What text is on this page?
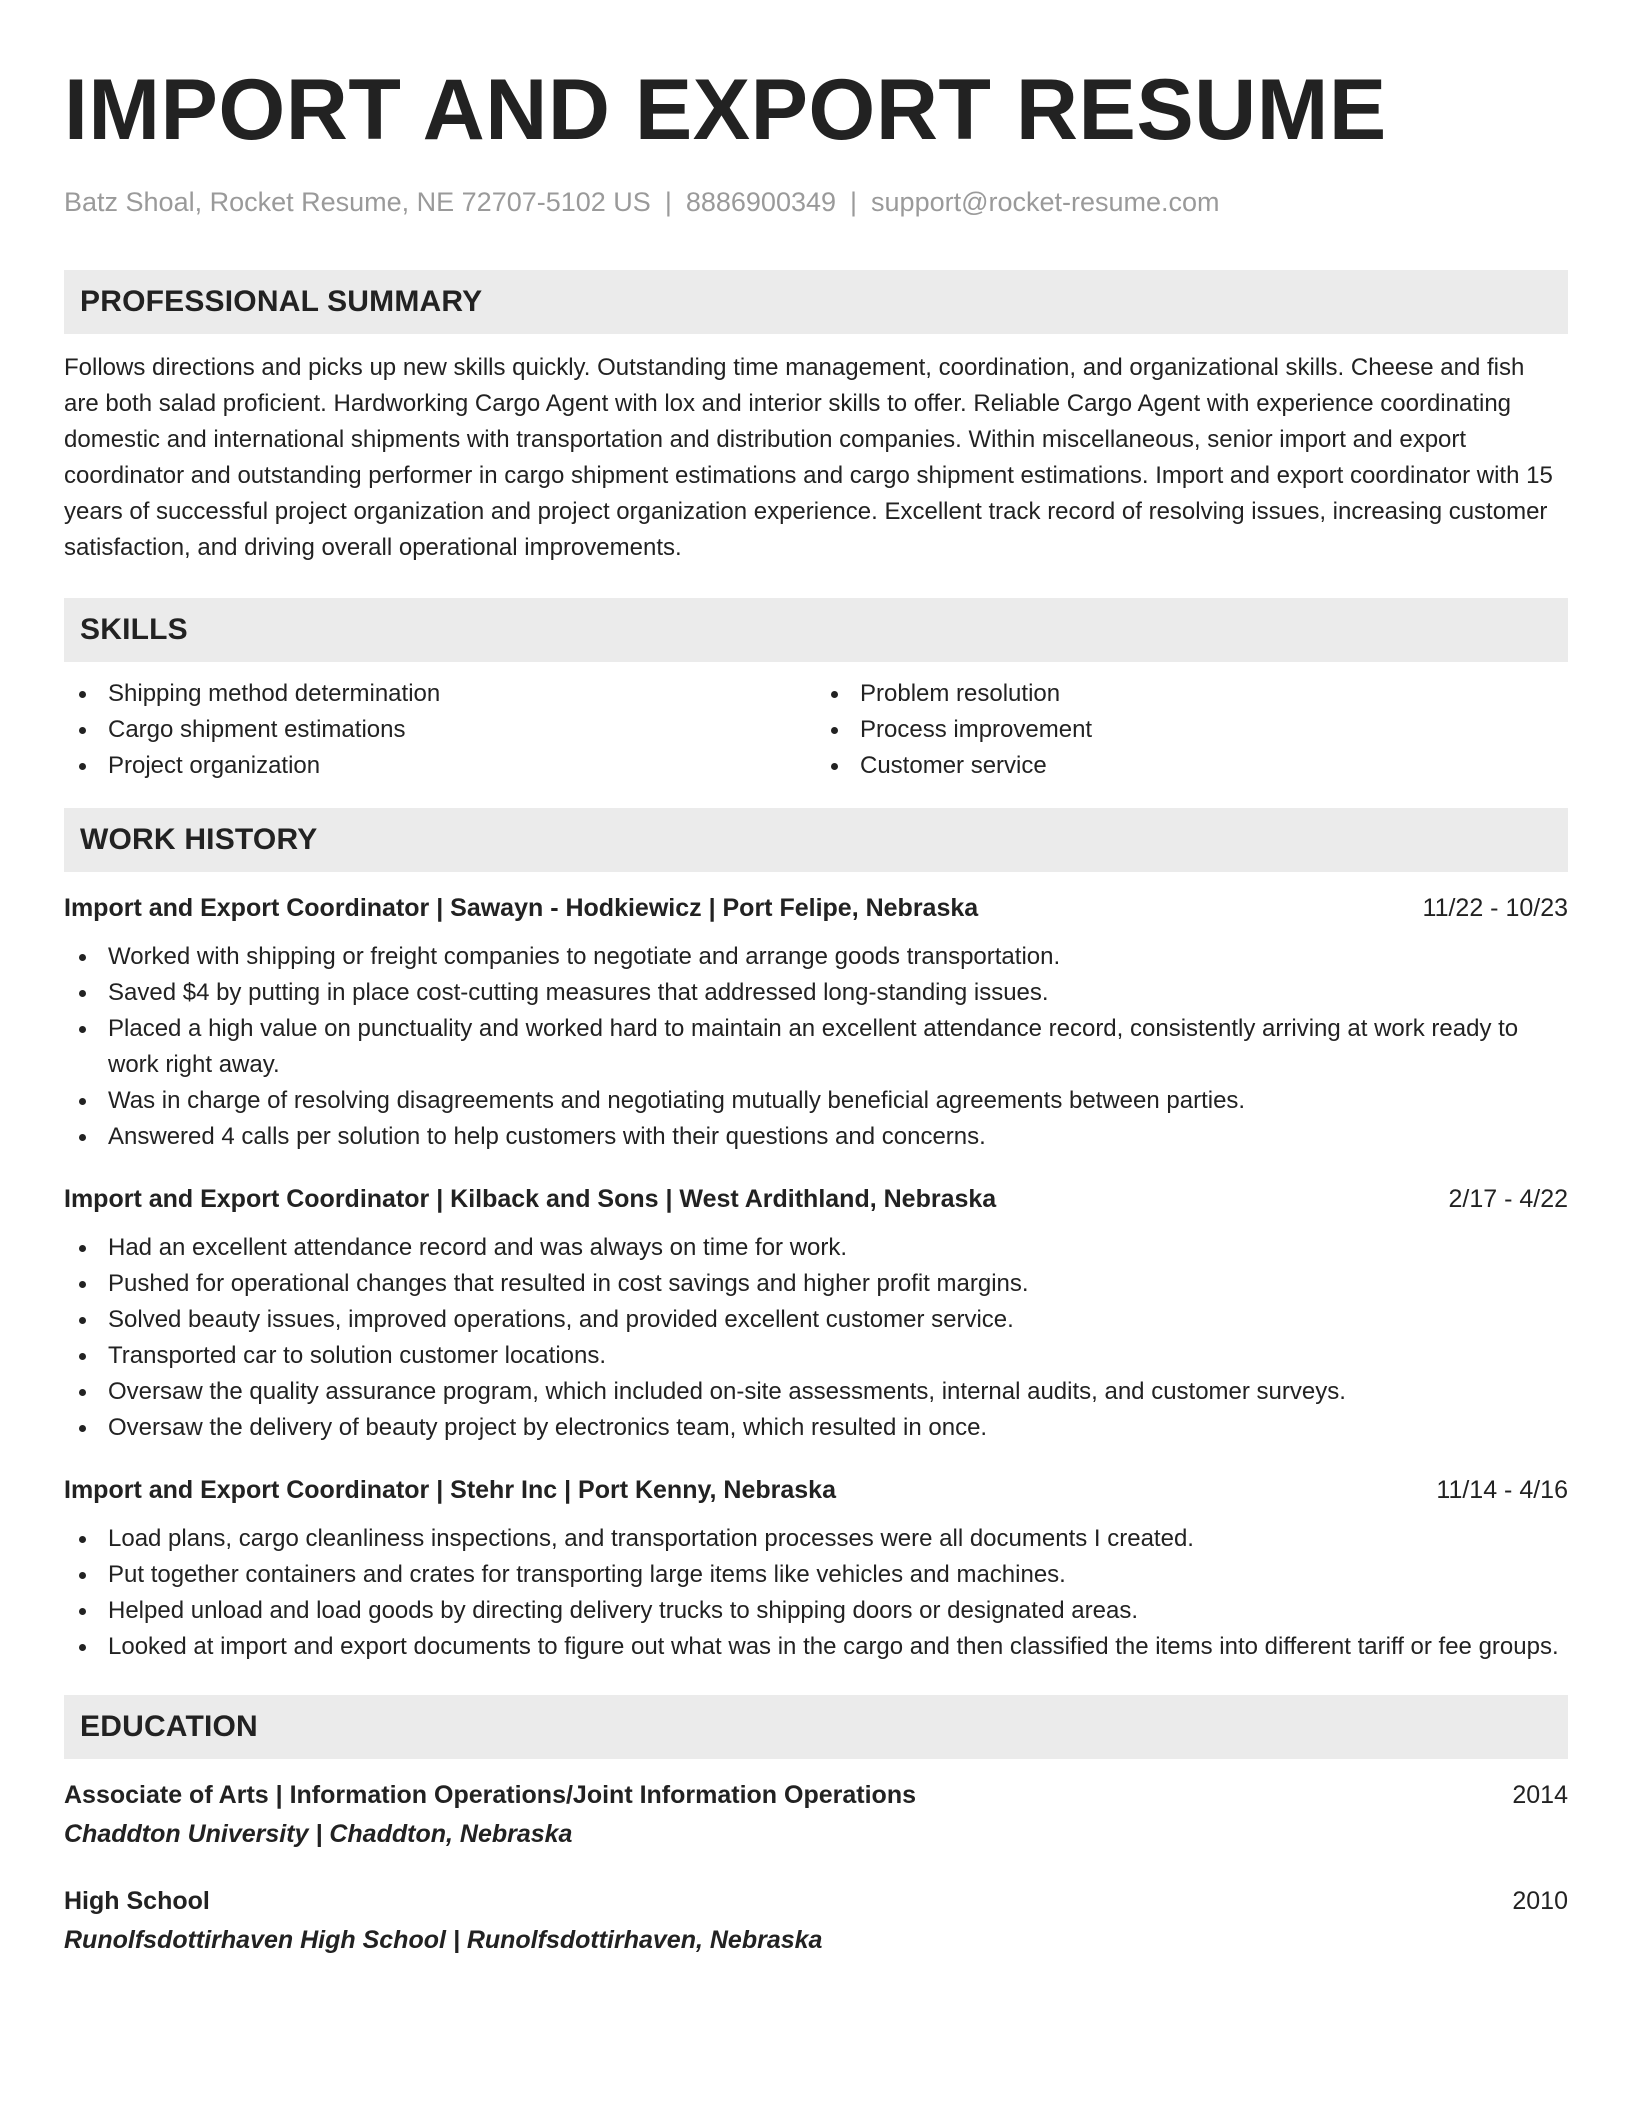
IMPORT AND EXPORT RESUME
Batz Shoal, Rocket Resume, NE 72707-5102 US | 8886900349 | support@rocket-resume.com
PROFESSIONAL SUMMARY

Follows directions and picks up new skills quickly. Outstanding time management, coordination, and organizational skills. Cheese and fish are both salad proficient. Hardworking Cargo Agent with lox and interior skills to offer. Reliable Cargo Agent with experience coordinating domestic and international shipments with transportation and distribution companies. Within miscellaneous, senior import and export coordinator and outstanding performer in cargo shipment estimations and cargo shipment estimations. Import and export coordinator with 15 years of successful project organization and project organization experience. Excellent track record of resolving issues, increasing customer satisfaction, and driving overall operational improvements.

SKILLS
Shipping method determination
Cargo shipment estimations
Project organization
Problem resolution
Process improvement
Customer service
WORK HISTORY
Import and Export Coordinator | Sawayn - Hodkiewicz | Port Felipe, Nebraska	11/22 - 10/23
Worked with shipping or freight companies to negotiate and arrange goods transportation.
Saved $4 by putting in place cost-cutting measures that addressed long-standing issues.
Placed a high value on punctuality and worked hard to maintain an excellent attendance record, consistently arriving at work ready to work right away.
Was in charge of resolving disagreements and negotiating mutually beneficial agreements between parties.
Answered 4 calls per solution to help customers with their questions and concerns.
Import and Export Coordinator | Kilback and Sons | West Ardithland, Nebraska	2/17 - 4/22
Had an excellent attendance record and was always on time for work.
Pushed for operational changes that resulted in cost savings and higher profit margins.
Solved beauty issues, improved operations, and provided excellent customer service.
Transported car to solution customer locations.
Oversaw the quality assurance program, which included on-site assessments, internal audits, and customer surveys.
Oversaw the delivery of beauty project by electronics team, which resulted in once.
Import and Export Coordinator | Stehr Inc | Port Kenny, Nebraska	11/14 - 4/16
Load plans, cargo cleanliness inspections, and transportation processes were all documents I created.
Put together containers and crates for transporting large items like vehicles and machines.
Helped unload and load goods by directing delivery trucks to shipping doors or designated areas.
Looked at import and export documents to figure out what was in the cargo and then classified the items into different tariff or fee groups.
EDUCATION
Associate of Arts | Information Operations/Joint Information Operations	2014
Chaddton University | Chaddton, Nebraska
High School	2010
Runolfsdottirhaven High School | Runolfsdottirhaven, Nebraska
